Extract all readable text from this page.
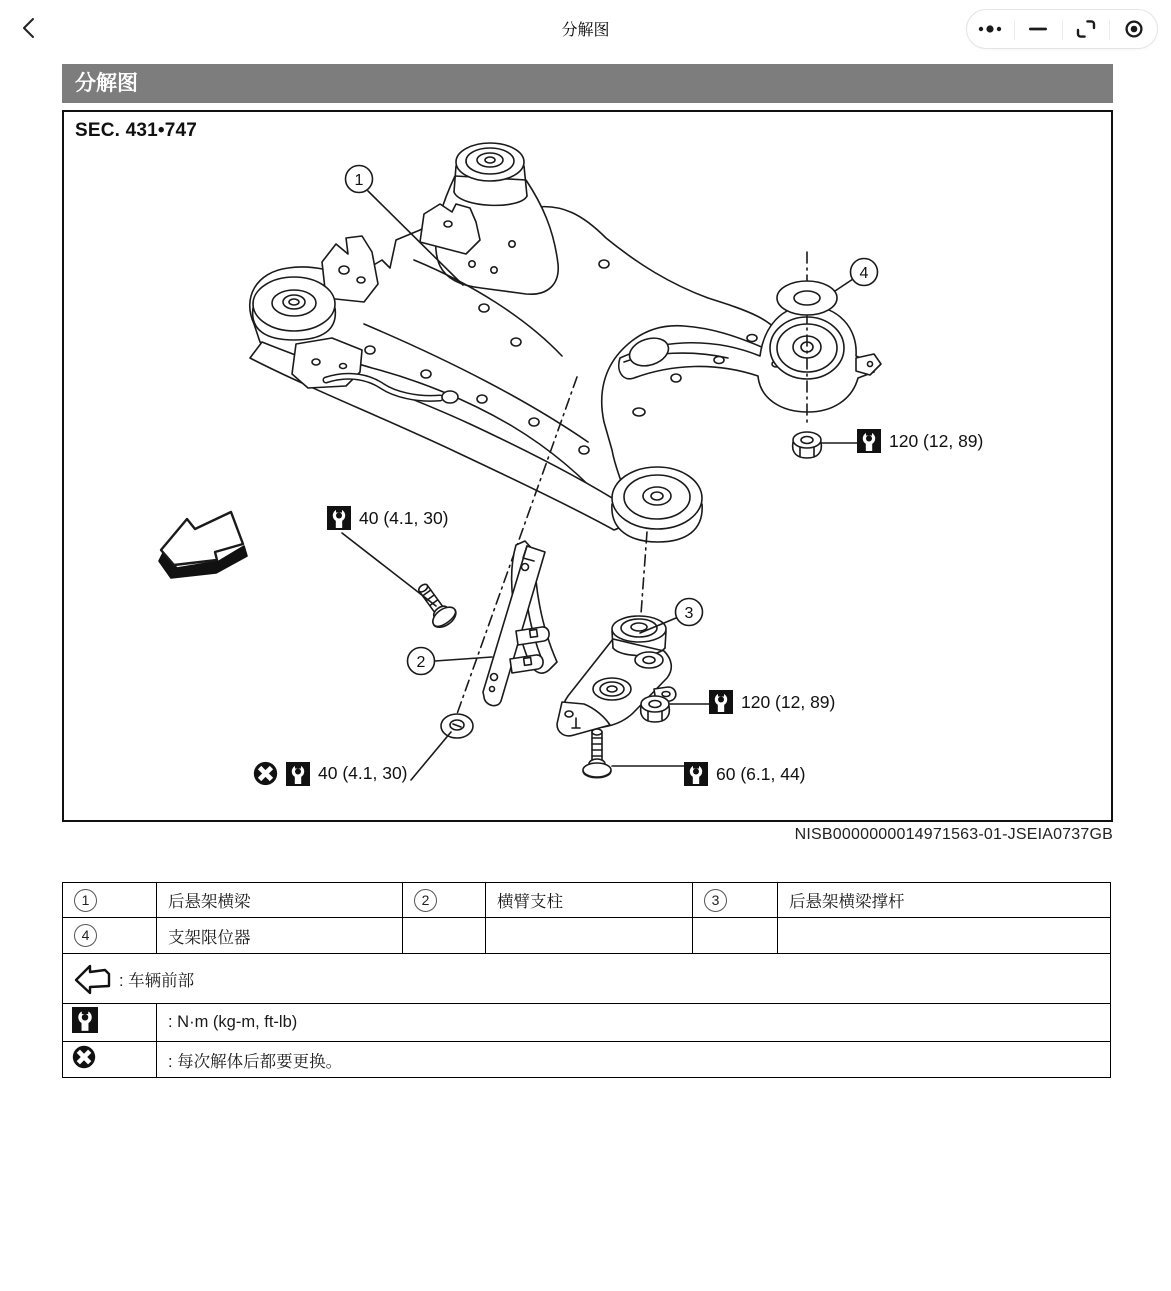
分解图
分解图
1
2
3
4
SEC. 431•747
40 (4.1, 30)
120 (12, 89)
120 (12, 89)
60 (6.1, 44)
40 (4.1, 30)
NISB0000000014971563-01-JSEIA0737GB
1	后悬架横梁	2	横臂支柱	3	后悬架横梁撑杆
4	支架限位器				

: 车辆前部					

	: N·m (kg-m, ft-lb)				
	: 每次解体后都要更换。				
